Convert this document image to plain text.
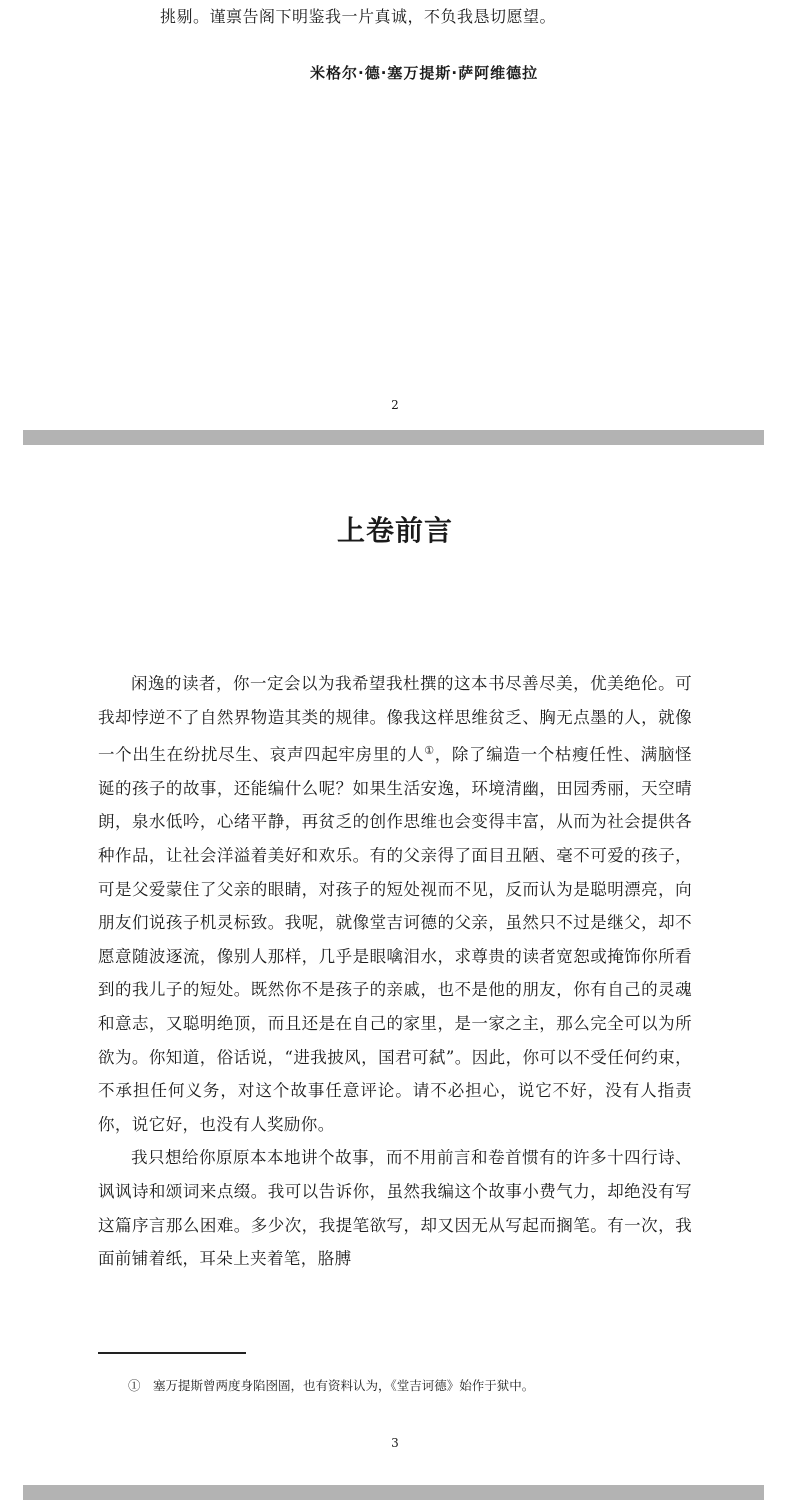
挑剔。谨禀告阁下明鉴我一片真诚，不负我恳切愿望。
米格尔·德·塞万提斯·萨阿维德拉
2
上卷前言

闲逸的读者，你一定会以为我希望我杜撰的这本书尽善尽美，优美绝伦。可我却悖逆不了自然界物造其类的规律。像我这样思维贫乏、胸无点墨的人，就像一个出生在纷扰尽生、哀声四起牢房里的人①，除了编造一个枯瘦任性、满脑怪诞的孩子的故事，还能编什么呢？如果生活安逸，环境清幽，田园秀丽，天空晴朗，泉水低吟，心绪平静，再贫乏的创作思维也会变得丰富，从而为社会提供各种作品，让社会洋溢着美好和欢乐。有的父亲得了面目丑陋、毫不可爱的孩子，可是父爱蒙住了父亲的眼睛，对孩子的短处视而不见，反而认为是聪明漂亮，向朋友们说孩子机灵标致。我呢，就像堂吉诃德的父亲，虽然只不过是继父，却不愿意随波逐流，像别人那样，几乎是眼噙泪水，求尊贵的读者宽恕或掩饰你所看到的我儿子的短处。既然你不是孩子的亲戚，也不是他的朋友，你有自己的灵魂和意志，又聪明绝顶，而且还是在自己的家里，是一家之主，那么完全可以为所欲为。你知道，俗话说，“进我披风，国君可弑”。因此，你可以不受任何约束，不承担任何义务，对这个故事任意评论。请不必担心，说它不好，没有人指责你，说它好，也没有人奖励你。

我只想给你原原本本地讲个故事，而不用前言和卷首惯有的许多十四行诗、讽讽诗和颂词来点缀。我可以告诉你，虽然我编这个故事小费气力，却绝没有写这篇序言那么困难。多少次，我提笔欲写，却又因无从写起而搁笔。有一次，我面前铺着纸，耳朵上夹着笔，胳膊

①　塞万提斯曾两度身陷囹圄，也有资料认为，《堂吉诃德》始作于狱中。
3
